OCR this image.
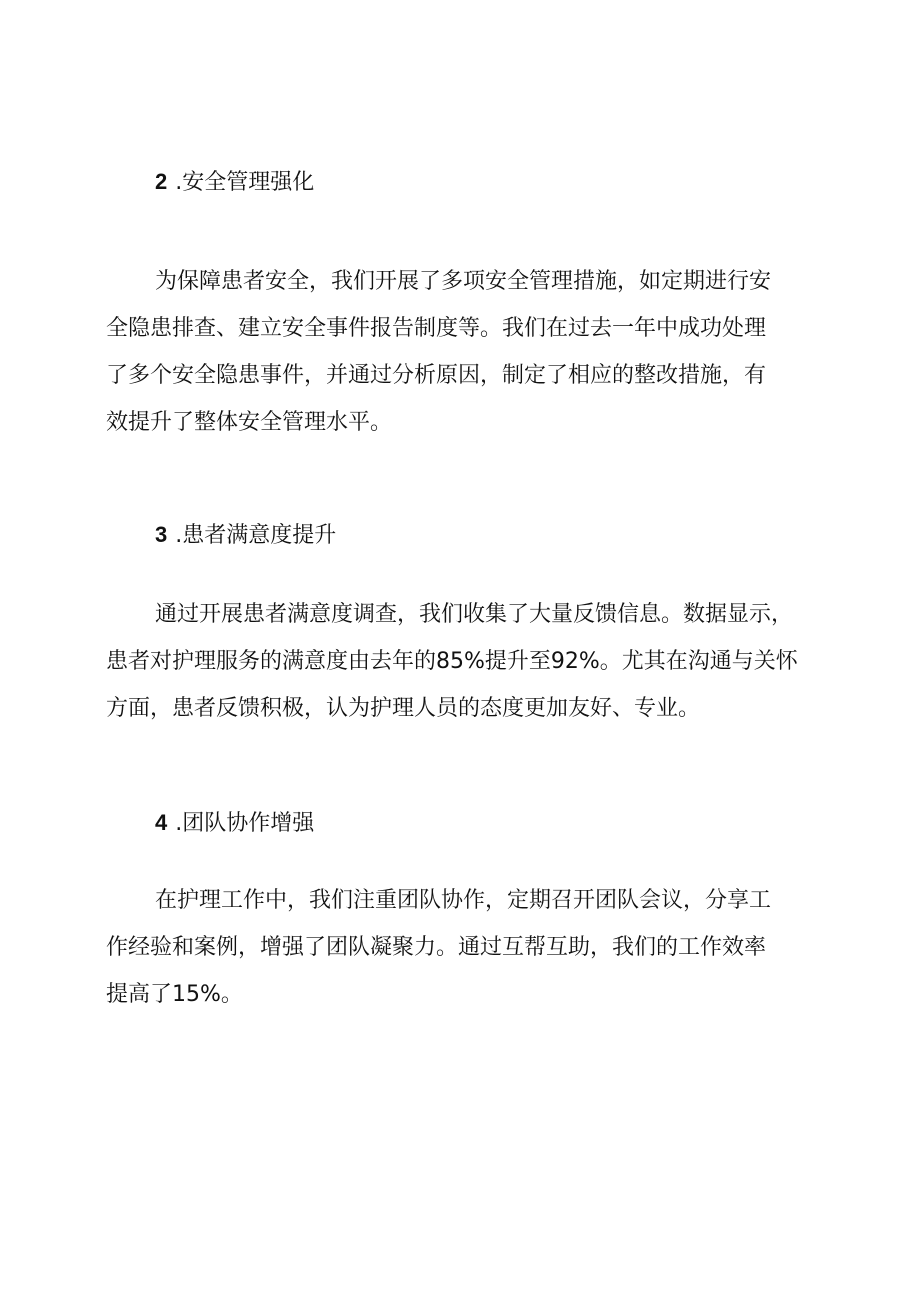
2 .安全管理强化
为保障患者安全，我们开展了多项安全管理措施，如定期进行安
全隐患排查、建立安全事件报告制度等。我们在过去一年中成功处理
了多个安全隐患事件，并通过分析原因，制定了相应的整改措施，有
效提升了整体安全管理水平。
3 .患者满意度提升
通过开展患者满意度调查，我们收集了大量反馈信息。数据显示，
患者对护理服务的满意度由去年的85%提升至92%。尤其在沟通与关怀
方面，患者反馈积极，认为护理人员的态度更加友好、专业。
4 .团队协作增强
在护理工作中，我们注重团队协作，定期召开团队会议，分享工
作经验和案例，增强了团队凝聚力。通过互帮互助，我们的工作效率
提高了15%。
